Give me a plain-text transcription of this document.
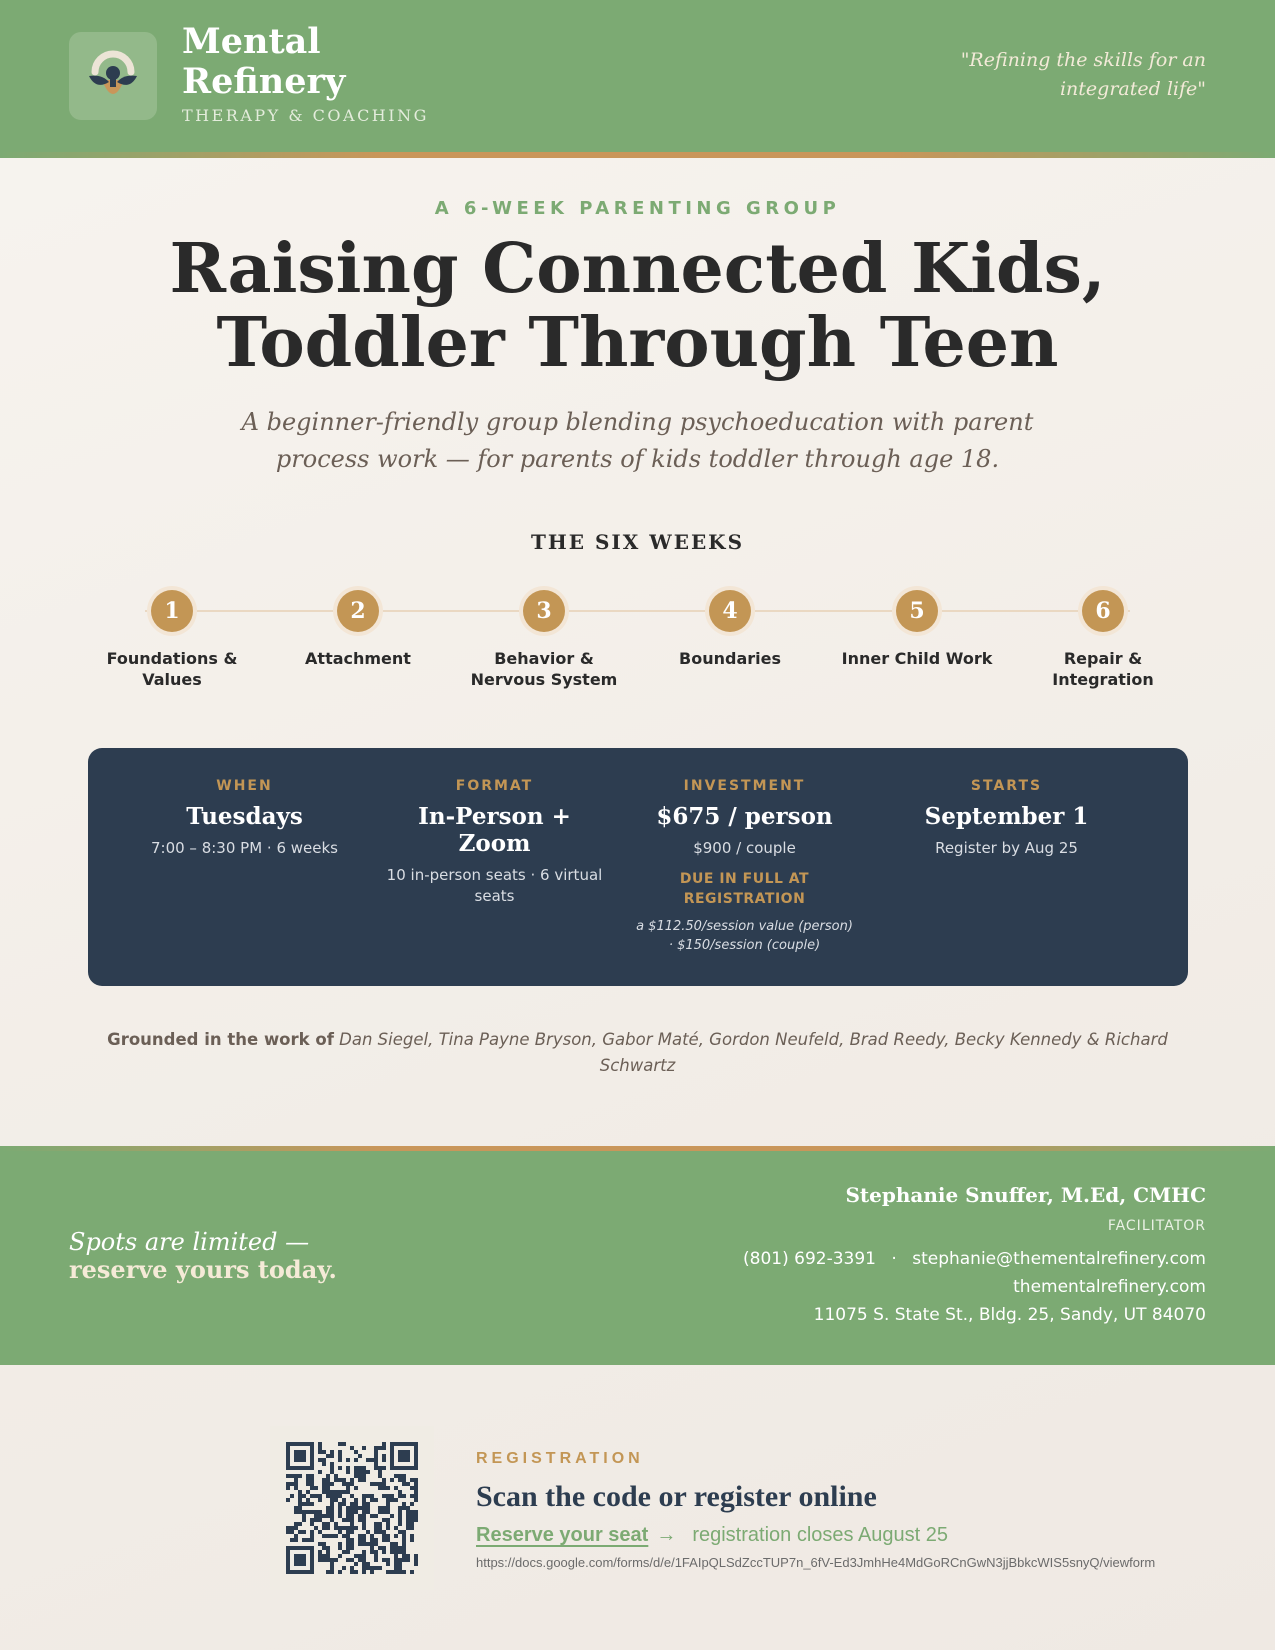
Mental
Refinery
THERAPY & COACHING
"Refining the skills for an integrated life"
A 6-WEEK PARENTING GROUP
Raising Connected Kids,
Toddler Through Teen
A beginner-friendly group blending psychoeducation with parent process work — for parents of kids toddler through age 18.
THE SIX WEEKS
1
Foundations & Values
2
Attachment
3
Behavior & Nervous System
4
Boundaries
5
Inner Child Work
6
Repair & Integration
WHEN
Tuesdays
7:00 – 8:30 PM · 6 weeks
FORMAT
In-Person + Zoom
10 in-person seats · 6 virtual seats
INVESTMENT
$675 / person
$900 / couple
DUE IN FULL AT REGISTRATION
a $112.50/session value (person) · $150/session (couple)
STARTS
September 1
Register by Aug 25
Grounded in the work of Dan Siegel, Tina Payne Bryson, Gabor Maté, Gordon Neufeld, Brad Reedy, Becky Kennedy & Richard Schwartz
Spots are limited —
reserve yours today.
Stephanie Snuffer, M.Ed, CMHC
FACILITATOR
(801) 692-3391 · stephanie@thementalrefinery.com
thementalrefinery.com
11075 S. State St., Bldg. 25, Sandy, UT 84070
REGISTRATION
Scan the code or register online
Reserve your seat → registration closes August 25
https://docs.google.com/forms/d/e/1FAIpQLSdZccTUP7n_6fV-Ed3JmhHe4MdGoRCnGwN3jjBbkcWIS5snyQ/viewform
